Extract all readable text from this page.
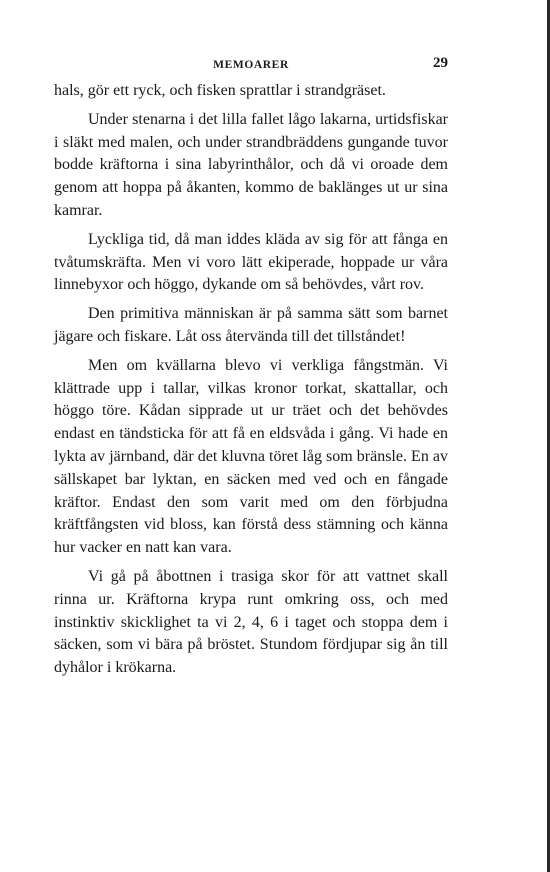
MEMOARER	29

hals, gör ett ryck, och fisken sprattlar i strandgräset.

Under stenarna i det lilla fallet lågo lakarna, urtidsfiskar i släkt med malen, och under strandbräddens gungande tuvor bodde kräftorna i sina labyrinthålor, och då vi oroade dem genom att hoppa på åkanten, kommo de baklänges ut ur sina kamrar.

Lyckliga tid, då man iddes kläda av sig för att fånga en tvåtumskräfta. Men vi voro lätt ekiperade, hoppade ur våra linnebyxor och höggo, dykande om så behövdes, vårt rov.

Den primitiva människan är på samma sätt som barnet jägare och fiskare. Låt oss återvända till det tillståndet!

Men om kvällarna blevo vi verkliga fångstmän. Vi klättrade upp i tallar, vilkas kronor torkat, skattallar, och höggo töre. Kådan sipprade ut ur träet och det behövdes endast en tändsticka för att få en eldsvåda i gång. Vi hade en lykta av järnband, där det kluvna töret låg som bränsle. En av sällskapet bar lyktan, en säcken med ved och en fångade kräftor. Endast den som varit med om den förbjudna kräftfångsten vid bloss, kan förstå dess stämning och känna hur vacker en natt kan vara.

Vi gå på åbottnen i trasiga skor för att vattnet skall rinna ur. Kräftorna krypa runt omkring oss, och med instinktiv skicklighet ta vi 2, 4, 6 i taget och stoppa dem i säcken, som vi bära på bröstet. Stundom fördjupar sig ån till dyhålor i krökarna.
